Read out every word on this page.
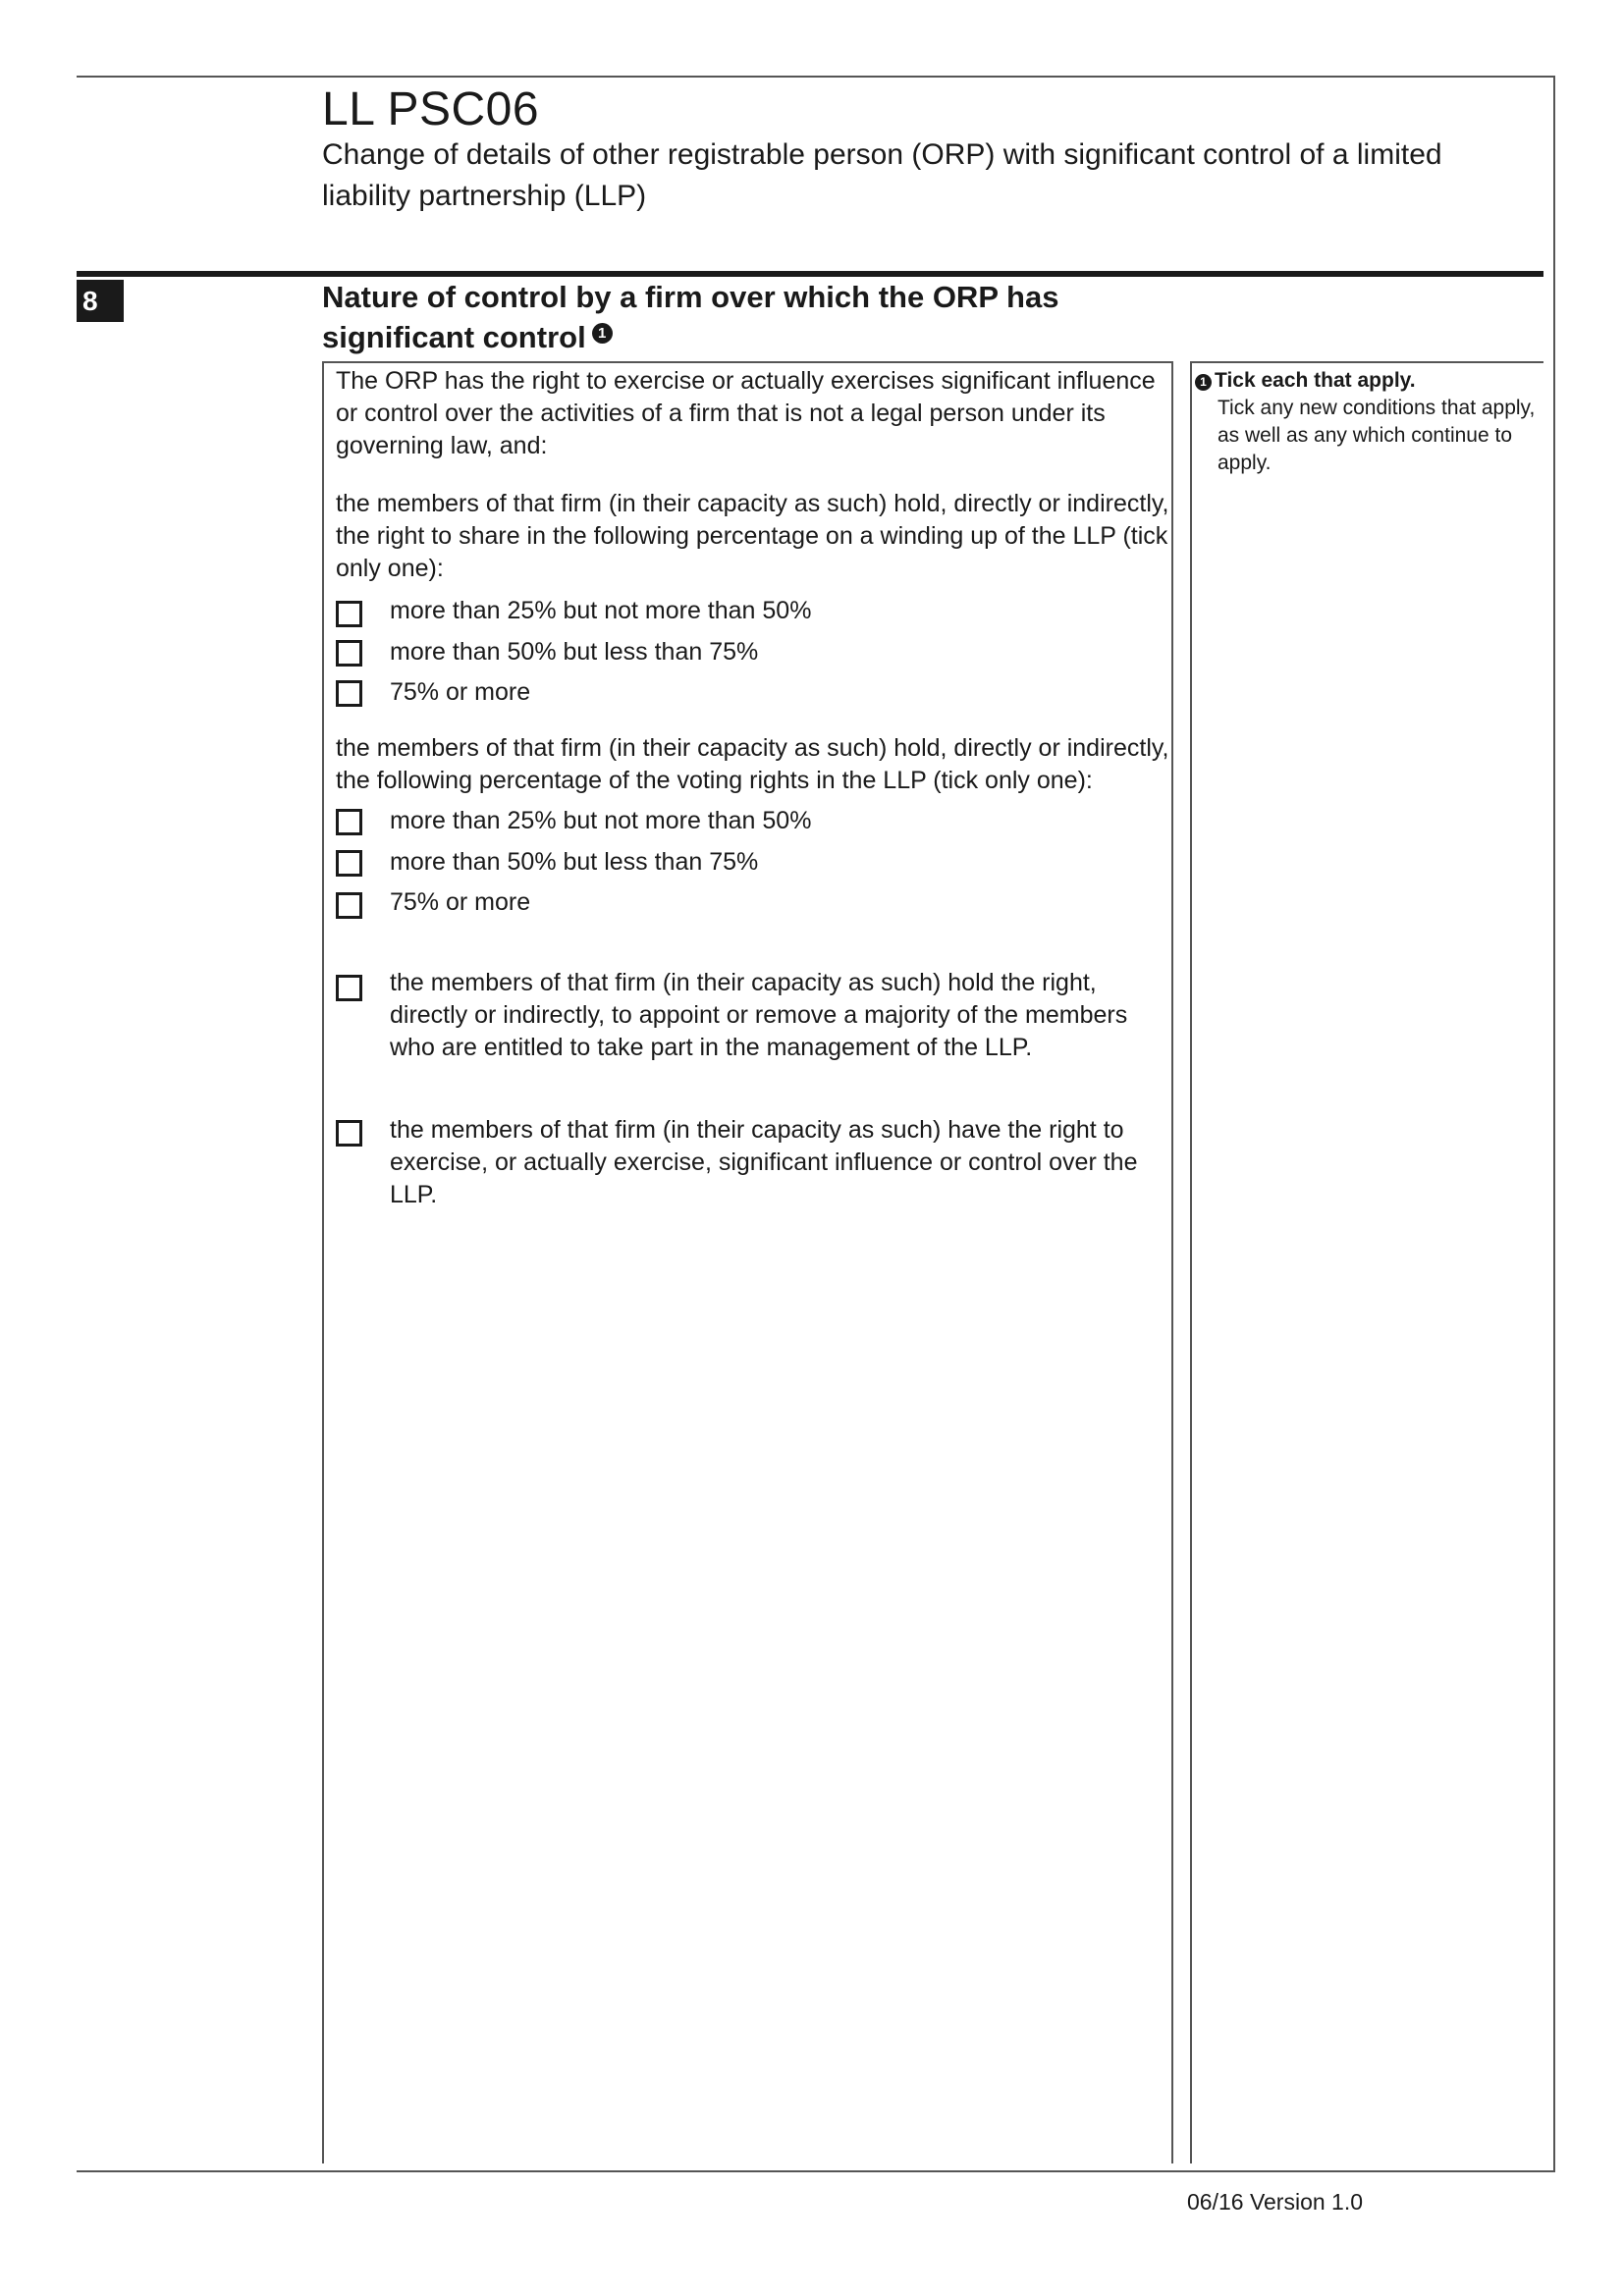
LL PSC06
Change of details of other registrable person (ORP) with significant control of a limited liability partnership (LLP)
8	Nature of control by a firm over which the ORP has
significant control 1
The ORP has the right to exercise or actually exercises significant influence or control over the activities of a firm that is not a legal person under its governing law, and:
the members of that firm (in their capacity as such) hold, directly or indirectly, the right to share in the following percentage on a winding up of the LLP (tick only one):
more than 25% but not more than 50%
more than 50% but less than 75%
75% or more
the members of that firm (in their capacity as such) hold, directly or indirectly, the following percentage of the voting rights in the LLP (tick only one):
more than 25% but not more than 50%
more than 50% but less than 75%
75% or more
the members of that firm (in their capacity as such) hold the right, directly or indirectly, to appoint or remove a majority of the members who are entitled to take part in the management of the LLP.
the members of that firm (in their capacity as such) have the right to exercise, or actually exercise, significant influence or control over the LLP.
1 Tick each that apply.
Tick any new conditions that apply, as well as any which continue to apply.
06/16 Version 1.0
